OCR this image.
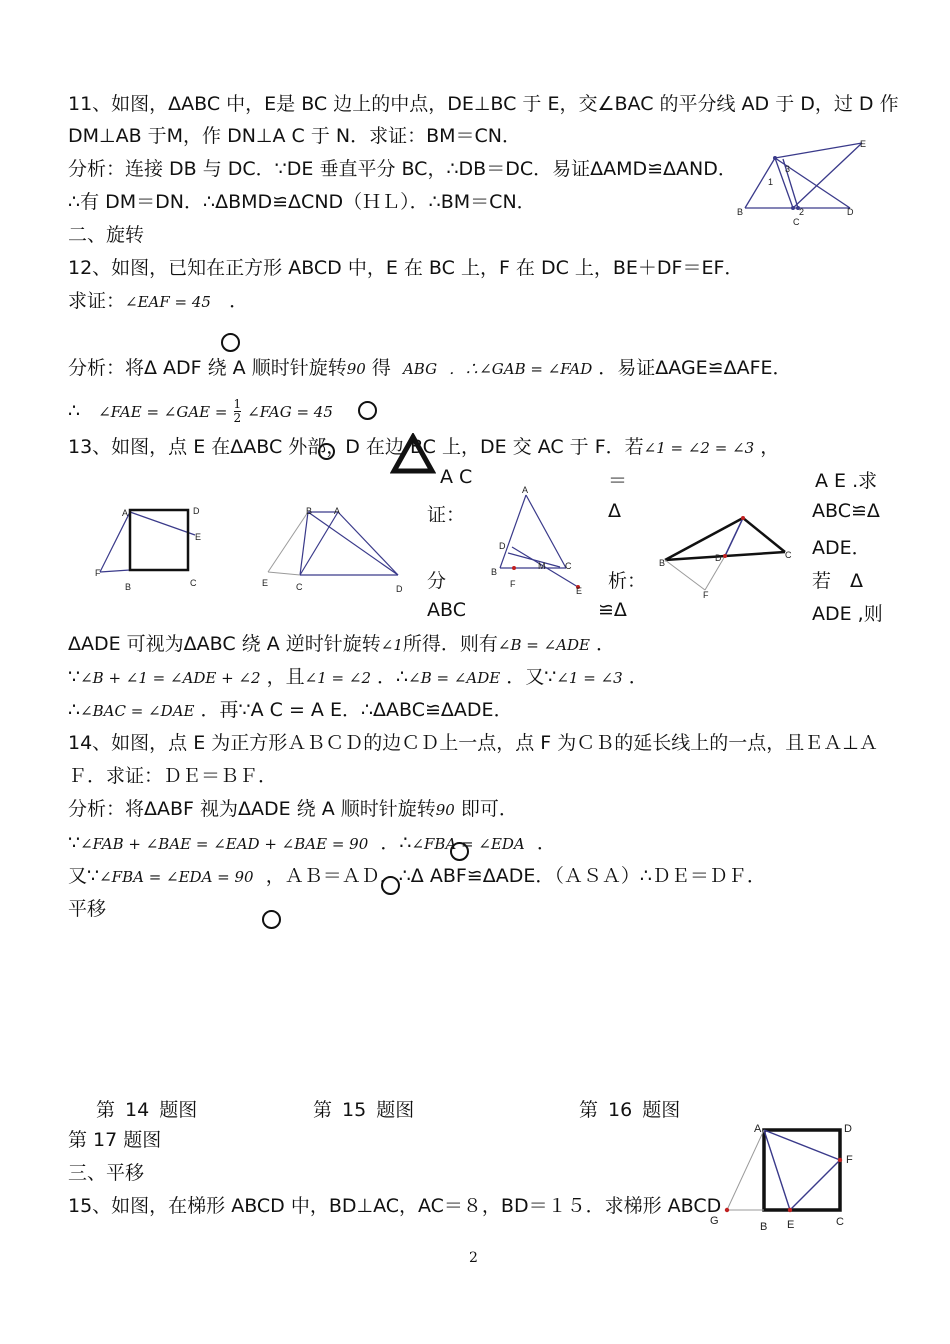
11、如图，ΔABC 中，E是 BC 边上的中点，DE⊥BC 于 E，交∠BAC 的平分线 AD 于 D，过 D 作
DM⊥AB 于M，作 DN⊥A C 于 N．求证：BM＝CN．
分析：连接 DB 与 DC．∵DE 垂直平分 BC，∴DB＝DC．易证ΔAMD≌ΔAND．
∴有 DM＝DN．∴ΔBMD≌ΔCND（ＨＬ）．∴BM＝CN．
二、旋转
B
C
D
E
1
2
3
12、如图，已知在正方形 ABCD 中，E 在 BC 上，F 在 DC 上，BE＋DF＝EF．
求证：∠EAF = 45 ．
分析：将Δ ADF 绕 A 顺时针旋转90 得 ABG ．∴∠GAB = ∠FAD ．易证ΔAGE≌ΔAFE．
∴ ∠FAE = ∠GAE = $\frac{1}{2}$ ∠FAG = 45
13、如图，点 E 在ΔABC 外部，D 在边 BC 上，DE 交 AC 于 F．若∠1 = ∠2 = ∠3 ，
A C	＝	A E .求
证：	Δ	ABC≌Δ
ADE．
分	析：	若　Δ
ABC	≌Δ	ADE ,则
A	D
E
F
B	C
B A
E	C	D
A
D
B
F
M C
E
B	D	C
F
ΔADE 可视为ΔABC 绕 A 逆时针旋转∠1所得．则有∠B = ∠ADE ．
∵∠B + ∠1 = ∠ADE + ∠2 ，且∠1 = ∠2 ．∴∠B = ∠ADE ．又∵∠1 = ∠3 ．
∴∠BAC = ∠DAE ．再∵A C = A E．∴ΔABC≌ΔADE．
14、如图，点 E 为正方形ＡＢＣＤ的边ＣＤ上一点，点 F 为ＣＢ的延长线上的一点，且ＥＡ⊥Ａ
Ｆ．求证：ＤＥ＝ＢＦ．
分析：将ΔABF 视为ΔADE 绕 A 顺时针旋转90 即可．
∵∠FAB + ∠BAE = ∠EAD + ∠BAE = 90 ．∴∠FBA = ∠EDA ．
又∵∠FBA = ∠EDA = 90 ，ＡＢ＝ＡＤ．∴Δ ABF≌ΔADE．（ＡＳＡ）∴ＤＥ＝ＤＦ．
平移
第 14 题图	第 15 题图	第 16 题图
第 17 题图
三、平移
15、如图，在梯形 ABCD 中，BD⊥AC，AC＝８，BD＝１５．求梯形 ABCD
A	D
F
G	B E	C
2
